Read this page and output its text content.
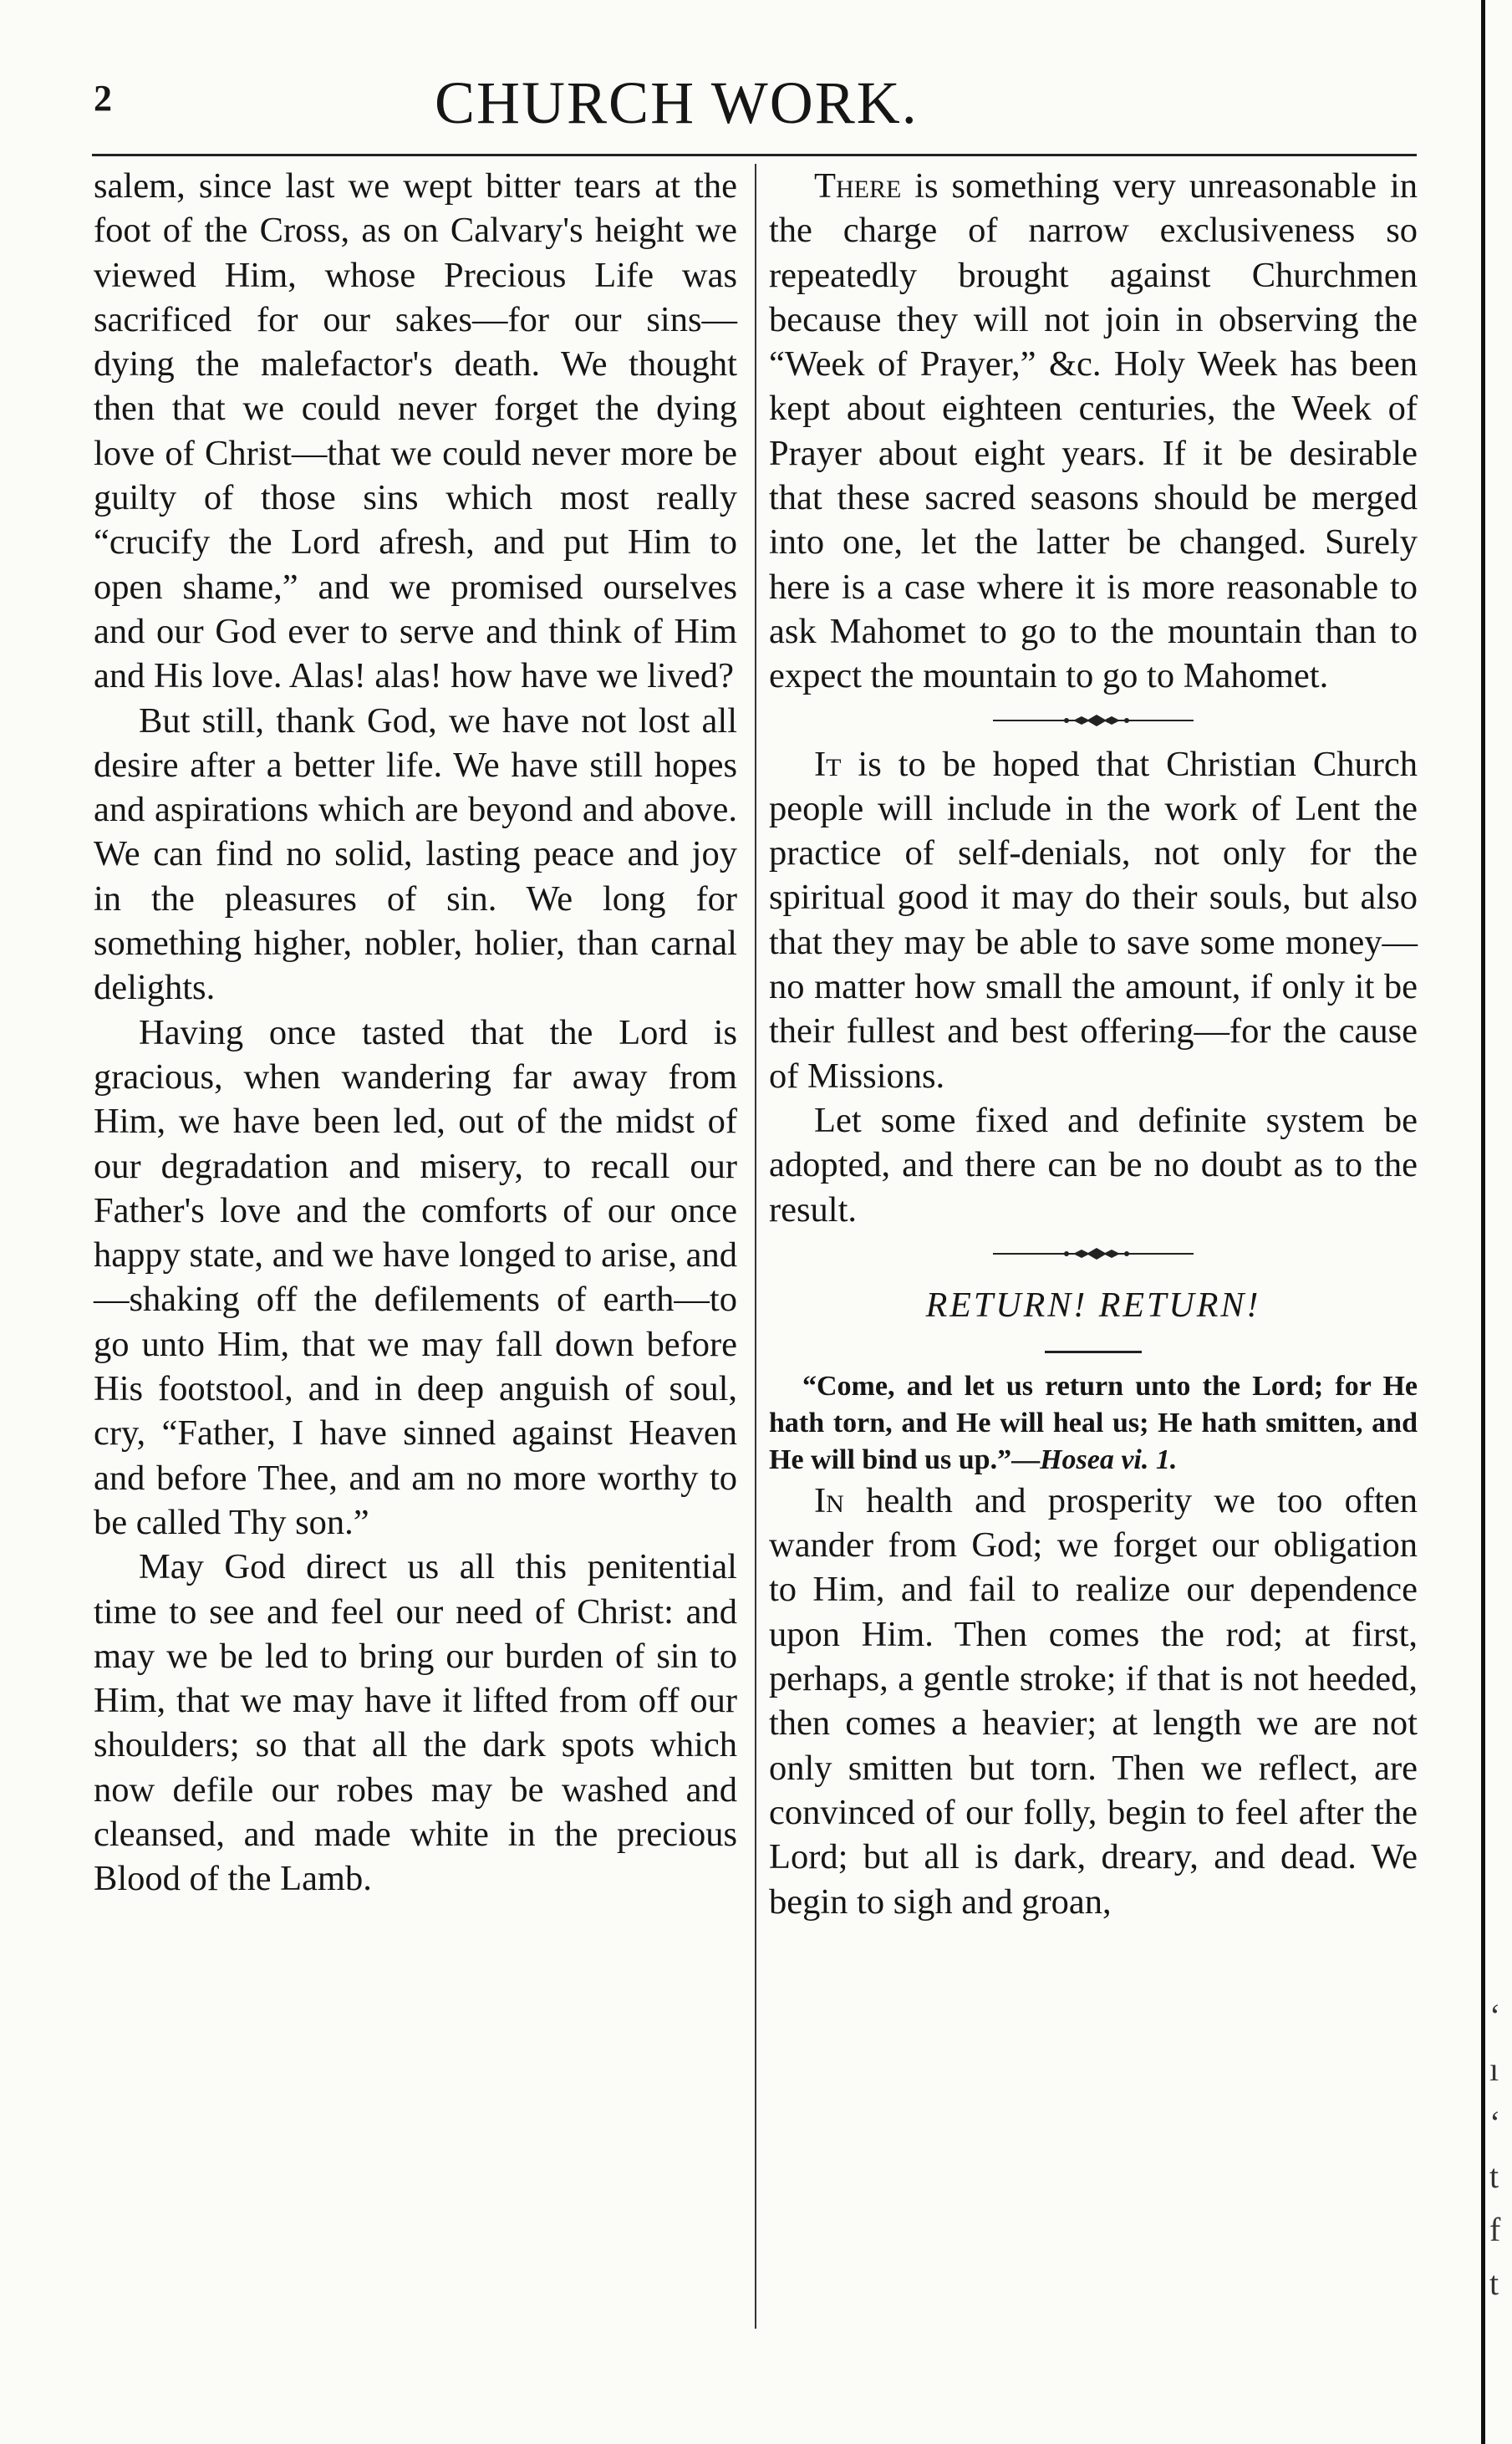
2	CHURCH WORK.
‘
ı
‘
t
f
t

salem, since last we wept bitter tears at the foot of the Cross, as on Calvary's height we viewed Him, whose Precious Life was sacrificed for our sakes—for our sins—dying the malefactor's death. We thought then that we could never forget the dying love of Christ—that we could never more be guilty of those sins which most really “crucify the Lord afresh, and put Him to open shame,” and we promised ourselves and our God ever to serve and think of Him and His love. Alas! alas! how have we lived?

But still, thank God, we have not lost all desire after a better life. We have still hopes and aspirations which are beyond and above. We can find no solid, lasting peace and joy in the pleasures of sin. We long for something higher, nobler, holier, than carnal delights.

Having once tasted that the Lord is gracious, when wandering far away from Him, we have been led, out of the midst of our degradation and misery, to recall our Father's love and the comforts of our once happy state, and we have longed to arise, and—shaking off the defilements of earth—to go unto Him, that we may fall down before His footstool, and in deep anguish of soul, cry, “Father, I have sinned against Heaven and before Thee, and am no more worthy to be called Thy son.”

May God direct us all this penitential time to see and feel our need of Christ: and may we be led to bring our burden of sin to Him, that we may have it lifted from off our shoulders; so that all the dark spots which now defile our robes may be washed and cleansed, and made white in the precious Blood of the Lamb.

There is something very unreasonable in the charge of narrow exclusiveness so repeatedly brought against Churchmen because they will not join in observing the “Week of Prayer,” &c. Holy Week has been kept about eighteen centuries, the Week of Prayer about eight years. If it be desirable that these sacred seasons should be merged into one, let the latter be changed. Surely here is a case where it is more reasonable to ask Mahomet to go to the mountain than to expect the mountain to go to Mahomet.

It is to be hoped that Christian Church people will include in the work of Lent the practice of self-denials, not only for the spiritual good it may do their souls, but also that they may be able to save some money—no matter how small the amount, if only it be their fullest and best offering—for the cause of Missions.

Let some fixed and definite system be adopted, and there can be no doubt as to the result.

RETURN! RETURN!

“Come, and let us return unto the Lord; for He hath torn, and He will heal us; He hath smitten, and He will bind us up.”—Hosea vi. 1.

In health and prosperity we too often wander from God; we forget our obligation to Him, and fail to realize our dependence upon Him. Then comes the rod; at first, perhaps, a gentle stroke; if that is not heeded, then comes a heavier; at length we are not only smitten but torn. Then we reflect, are convinced of our folly, begin to feel after the Lord; but all is dark, dreary, and dead. We begin to sigh and groan,
